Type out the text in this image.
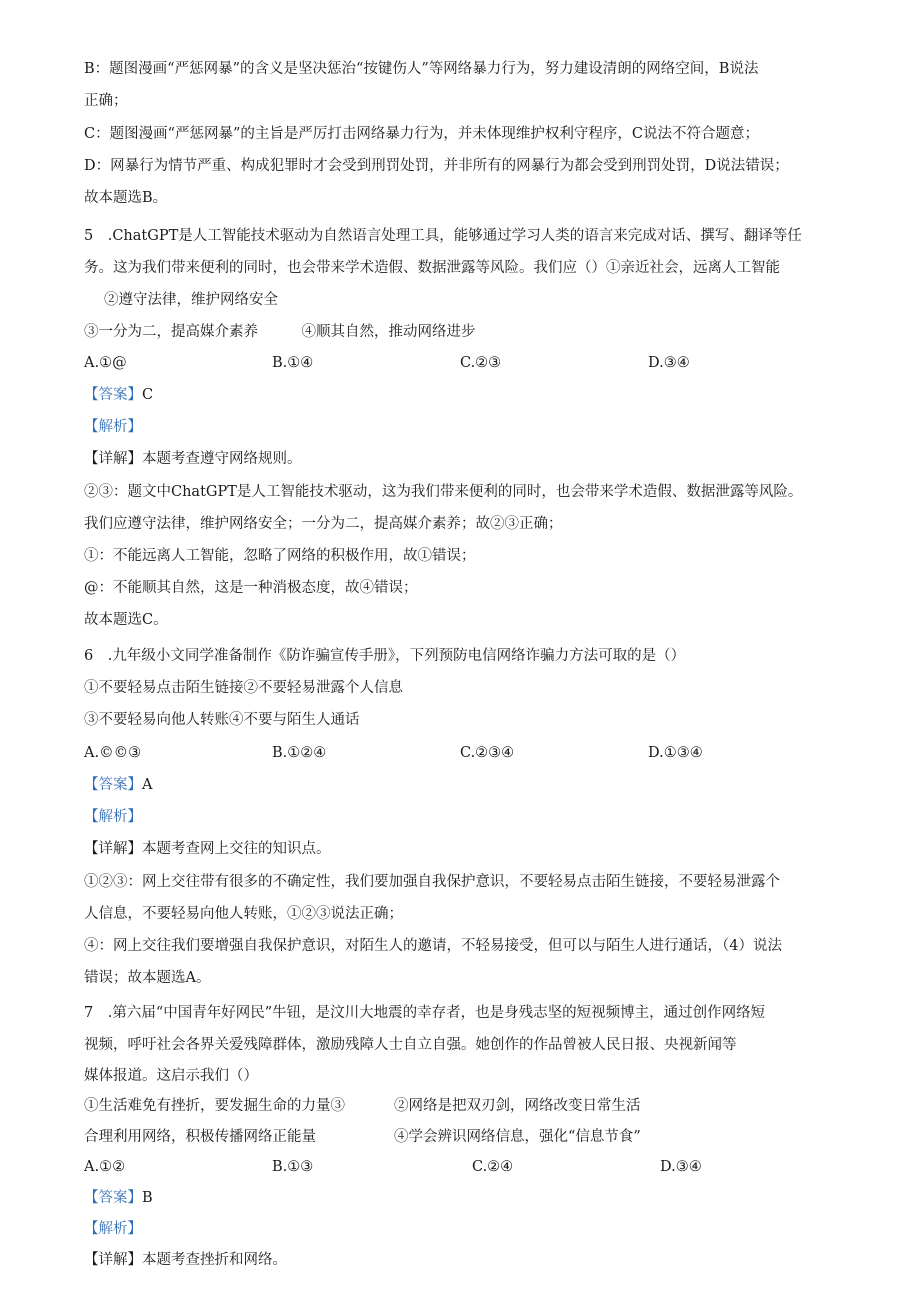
B：题图漫画“严惩网暴”的含义是坚决惩治“按键伤人”等网络暴力行为，努力建设清朗的网络空间，B说法
正确；
C：题图漫画“严惩网暴”的主旨是严厉打击网络暴力行为，并未体现维护权利守程序，C说法不符合题意；
D：网暴行为情节严重、构成犯罪时才会受到刑罚处罚，并非所有的网暴行为都会受到刑罚处罚，D说法错误；
故本题选B。
5　.ChatGPT是人工智能技术驱动为自然语言处理工具，能够通过学习人类的语言来完成对话、撰写、翻译等任
务。这为我们带来便利的同时，也会带来学术造假、数据泄露等风险。我们应（）①亲近社会，远离人工智能
②遵守法律，维护网络安全
③一分为二，提高媒介素养　　　④顺其自然，推动网络进步
A.①@	B.①④	C.②③	D.③④
【答案】C
【解析】
【详解】本题考查遵守网络规则。
②③：题文中ChatGPT是人工智能技术驱动，这为我们带来便利的同时，也会带来学术造假、数据泄露等风险。
我们应遵守法律，维护网络安全；一分为二，提高媒介素养；故②③正确；
①：不能远离人工智能，忽略了网络的积极作用，故①错误；
@：不能顺其自然，这是一种消极态度，故④错误；
故本题选C。
6　.九年级小文同学准备制作《防诈骗宣传手册》，下列预防电信网络诈骗力方法可取的是（）
①不要轻易点击陌生链接②不要轻易泄露个人信息
③不要轻易向他人转账④不要与陌生人通话
A.©©③	B.①②④	C.②③④	D.①③④
【答案】A
【解析】
【详解】本题考查网上交往的知识点。
①②③：网上交往带有很多的不确定性，我们要加强自我保护意识，不要轻易点击陌生链接，不要轻易泄露个
人信息，不要轻易向他人转账，①②③说法正确；
④：网上交往我们要增强自我保护意识，对陌生人的邀请，不轻易接受，但可以与陌生人进行通话，（4）说法
错误；故本题选A。
7　.第六届“中国青年好网民”牛钮，是汶川大地震的幸存者，也是身残志坚的短视频博主，通过创作网络短
视频，呼吁社会各界关爱残障群体，激励残障人士自立自强。她创作的作品曾被人民日报、央视新闻等
媒体报道。这启示我们（）
①生活难免有挫折，要发掘生命的力量③	②网络是把双刃剑，网络改变日常生活
合理利用网络，积极传播网络正能量	④学会辨识网络信息，强化“信息节食”
A.①②	B.①③	C.②④	D.③④
【答案】B
【解析】
【详解】本题考查挫折和网络。
